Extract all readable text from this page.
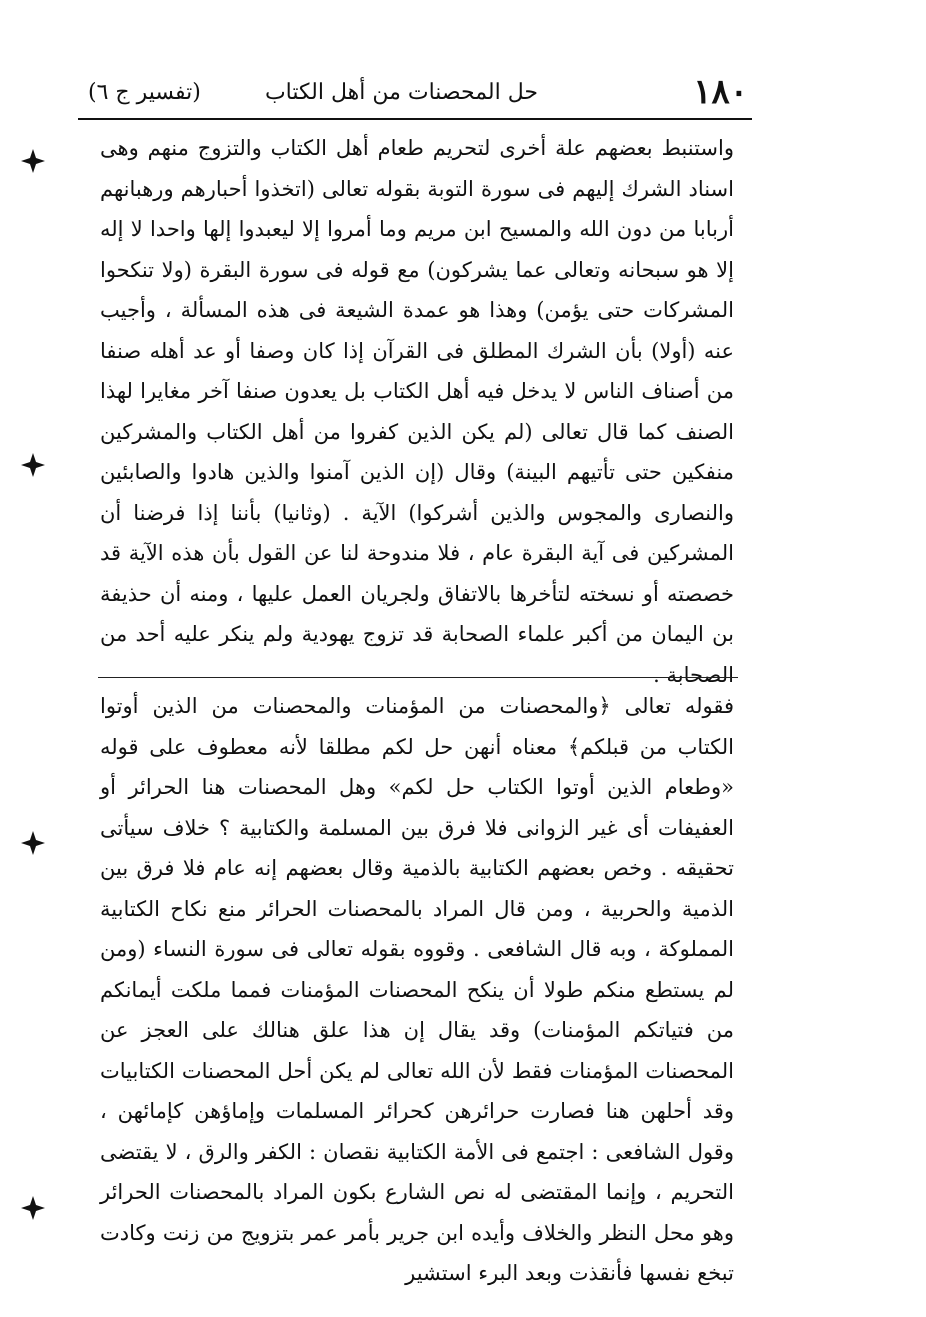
١٨٠
حل المحصنات من أهل الكتاب
(تفسير ج ٦)

واستنبط بعضهم علة أخرى لتحريم طعام أهل الكتاب والتزوج منهم وهى اسناد الشرك إليهم فى سورة التوبة بقوله تعالى (اتخذوا أحبارهم ورهبانهم أربابا من دون الله والمسيح ابن مريم وما أمروا إلا ليعبدوا إلها واحدا لا إله إلا هو سبحانه وتعالى عما يشركون) مع قوله فى سورة البقرة (ولا تنكحوا المشركات حتى يؤمن) وهذا هو عمدة الشيعة فى هذه المسألة ، وأجيب عنه (أولا) بأن الشرك المطلق فى القرآن إذا كان وصفا أو عد أهله صنفا من أصناف الناس لا يدخل فيه أهل الكتاب بل يعدون صنفا آخر مغايرا لهذا الصنف كما قال تعالى (لم يكن الذين كفروا من أهل الكتاب والمشركين منفكين حتى تأتيهم البينة) وقال (إن الذين آمنوا والذين هادوا والصابئين والنصارى والمجوس والذين أشركوا) الآية . (وثانيا) بأننا إذا فرضنا أن المشركين فى آية البقرة عام ، فلا مندوحة لنا عن القول بأن هذه الآية قد خصصته أو نسخته لتأخرها بالاتفاق ولجريان العمل عليها ، ومنه أن حذيفة بن اليمان من أكبر علماء الصحابة قد تزوج يهودية ولم ينكر عليه أحد من الصحابة .

فقوله تعالى ﴿والمحصنات من المؤمنات والمحصنات من الذين أوتوا الكتاب من قبلكم﴾ معناه أنهن حل لكم مطلقا لأنه معطوف على قوله «وطعام الذين أوتوا الكتاب حل لكم» وهل المحصنات هنا الحرائر أو العفيفات أى غير الزوانى فلا فرق بين المسلمة والكتابية ؟ خلاف سيأتى تحقيقه . وخص بعضهم الكتابية بالذمية وقال بعضهم إنه عام فلا فرق بين الذمية والحربية ، ومن قال المراد بالمحصنات الحرائر منع نكاح الكتابية المملوكة ، وبه قال الشافعى . وقووه بقوله تعالى فى سورة النساء (ومن لم يستطع منكم طولا أن ينكح المحصنات المؤمنات فمما ملكت أيمانكم من فتياتكم المؤمنات) وقد يقال إن هذا علق هنالك على العجز عن المحصنات المؤمنات فقط لأن الله تعالى لم يكن أحل المحصنات الكتابيات وقد أحلهن هنا فصارت حرائرهن كحرائر المسلمات وإماؤهن كإمائهن ، وقول الشافعى : اجتمع فى الأمة الكتابية نقصان : الكفر والرق ، لا يقتضى التحريم ، وإنما المقتضى له نص الشارع بكون المراد بالمحصنات الحرائر وهو محل النظر والخلاف وأيده ابن جرير بأمر عمر بتزويج من زنت وكادت تبخع نفسها فأنقذت وبعد البرء استشير
